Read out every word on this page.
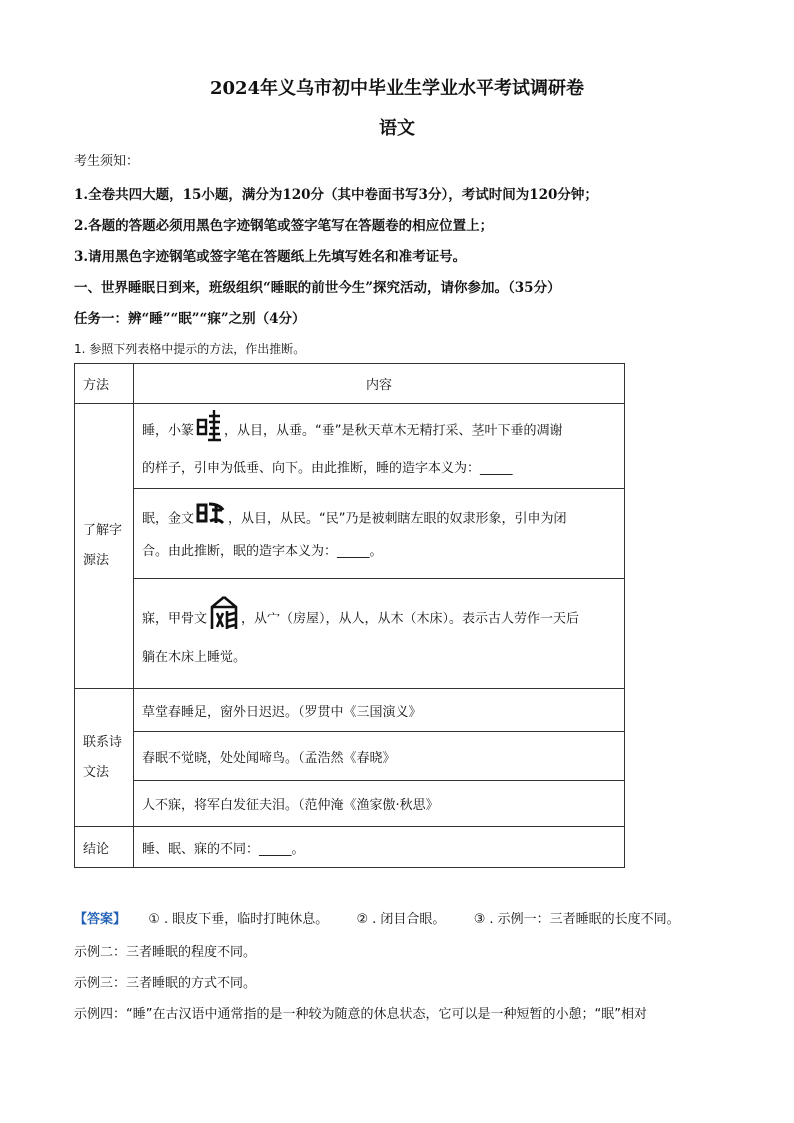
2024年义乌市初中毕业生学业水平考试调研卷
语文
考生须知：
1.全卷共四大题，15小题，满分为120分（其中卷面书写3分），考试时间为120分钟；
2.各题的答题必须用黑色字迹钢笔或签字笔写在答题卷的相应位置上；
3.请用黑色字迹钢笔或签字笔在答题纸上先填写姓名和准考证号。
一、世界睡眠日到来，班级组织“睡眠的前世今生”探究活动，请你参加。（35分）
任务一：辨“睡”“眠”“寐”之别（4分）
1. 参照下列表格中提示的方法，作出推断。
方法	内容

了解字源法	睡，小篆 ，从目，从垂。“垂”是秋天草木无精打采、茎叶下垂的凋谢
的样子，引申为低垂、向下。由此推断，睡的造字本义为：_____

	眠，金文 ，从目，从民。“民”乃是被刺瞎左眼的奴隶形象，引申为闭
合。由此推断，眠的造字本义为：_____。

	寐，甲骨文 ，从宀（房屋），从人，从木（木床）。表示古人劳作一天后
躺在木床上睡觉。

联系诗文法	草堂春睡足，窗外日迟迟。（罗贯中《三国演义》
	春眠不觉晓，处处闻啼鸟。（孟浩然《春晓》
	人不寐，将军白发征夫泪。（范仲淹《渔家傲·秋思》
结论	睡、眠、寐的不同：_____。
【答案】 ① . 眼皮下垂，临时打盹休息。 ② . 闭目合眼。 ③ . 示例一：三者睡眠的长度不同。
示例二：三者睡眠的程度不同。
示例三：三者睡眠的方式不同。
示例四：“睡”在古汉语中通常指的是一种较为随意的休息状态，它可以是一种短暂的小憩；“眠”相对
